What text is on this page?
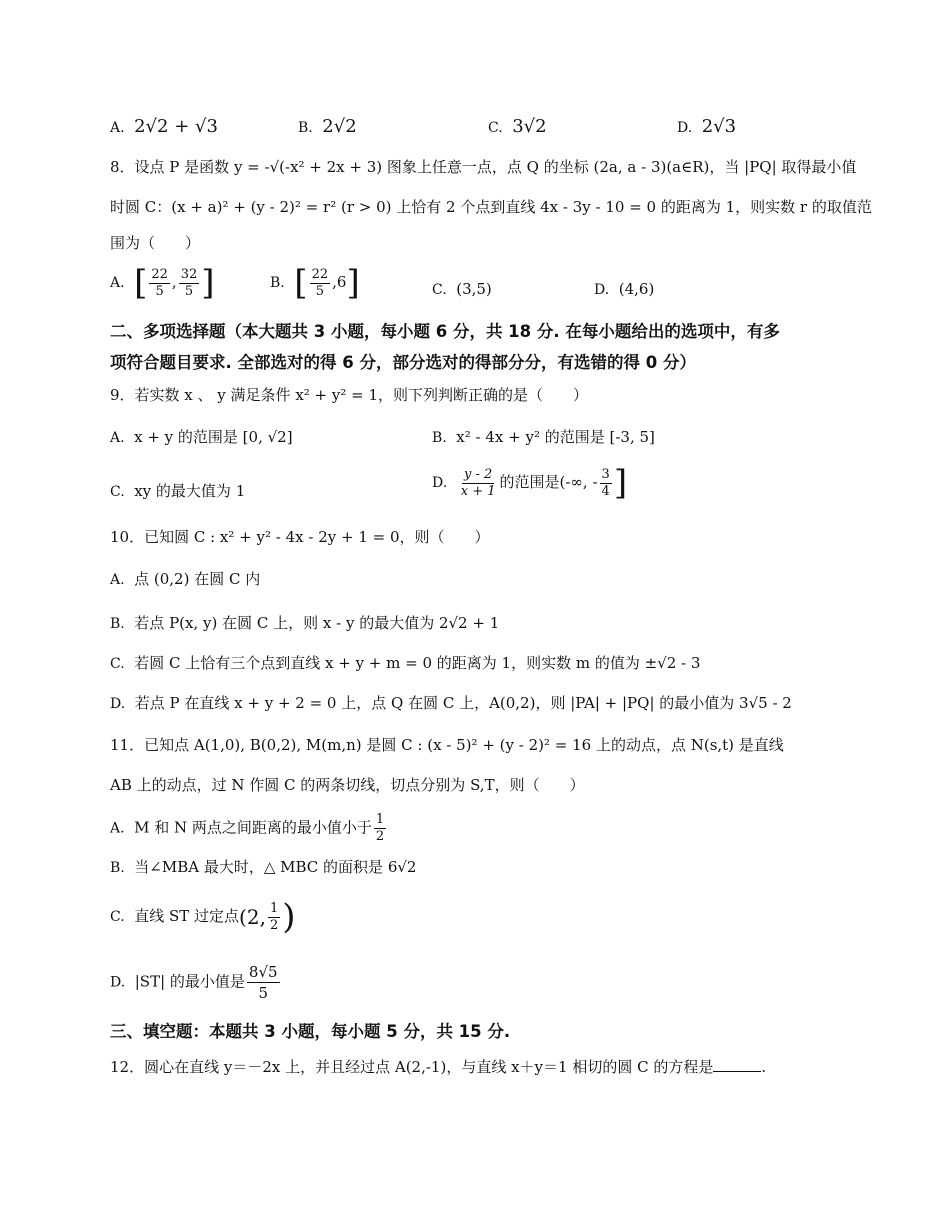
A. 2√2 + √3	B. 2√2	C. 3√2	D. 2√3
8．设点 P 是函数 y = -√(-x² + 2x + 3) 图象上任意一点，点 Q 的坐标 (2a, a - 3)(a∈R)，当 |PQ| 取得最小值
时圆 C：(x + a)² + (y - 2)² = r² (r > 0) 上恰有 2 个点到直线 4x - 3y - 10 = 0 的距离为 1，则实数 r 的取值范
围为（　　）
A. [ $\frac{22}{5}$ , $\frac{32}{5}$ ]	B. [ $\frac{22}{5} ,6$]	C. (3,5)	D. (4,6)
二、多项选择题（本大题共 3 小题，每小题 6 分，共 18 分. 在每小题给出的选项中，有多
项符合题目要求. 全部选对的得 6 分，部分选对的得部分分，有选错的得 0 分）
9．若实数 x 、 y 满足条件 x² + y² = 1，则下列判断正确的是（　　）
A. x + y 的范围是 [0, √2]	B. x² - 4x + y² 的范围是 [-3, 5]
C. xy 的最大值为 1	D. $\frac{y - 2}{x + 1}$ 的范围是(-∞, - $\frac{3}{4}$ ]
10．已知圆 C : x² + y² - 4x - 2y + 1 = 0，则（　　）
A. 点 (0,2) 在圆 C 内
B. 若点 P(x, y) 在圆 C 上，则 x - y 的最大值为 2√2 + 1
C. 若圆 C 上恰有三个点到直线 x + y + m = 0 的距离为 1，则实数 m 的值为 ±√2 - 3
D. 若点 P 在直线 x + y + 2 = 0 上，点 Q 在圆 C 上，A(0,2)，则 |PA| + |PQ| 的最小值为 3√5 - 2
11．已知点 A(1,0), B(0,2), M(m,n) 是圆 C : (x - 5)² + (y - 2)² = 16 上的动点，点 N(s,t) 是直线
AB 上的动点，过 N 作圆 C 的两条切线，切点分别为 S,T，则（　　）
A. M 和 N 两点之间距离的最小值小于 $\frac{1}{2}$
B. 当∠MBA 最大时，△ MBC 的面积是 6√2
C. 直线 ST 过定点(2, $\frac{1}{2}$ )
D. |ST| 的最小值是 $\frac{8√5}{5}$
三、填空题：本题共 3 小题，每小题 5 分，共 15 分.
12．圆心在直线 y＝－2x 上，并且经过点 A(2,-1)，与直线 x＋y＝1 相切的圆 C 的方程是	.
